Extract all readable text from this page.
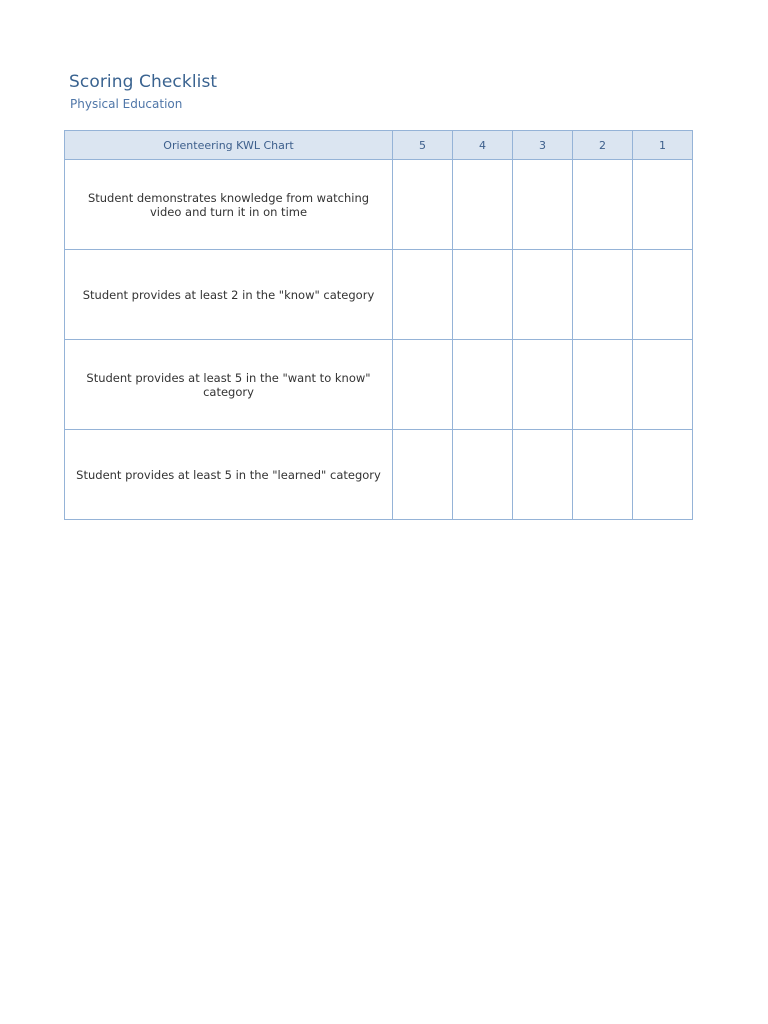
Scoring Checklist

Physical Education

Orienteering KWL Chart	5	4	3	2	1
Student demonstrates knowledge from watching video and turn it in on time					
Student provides at least 2 in the "know" category					
Student provides at least 5 in the "want to know" category					
Student provides at least 5 in the "learned" category					
